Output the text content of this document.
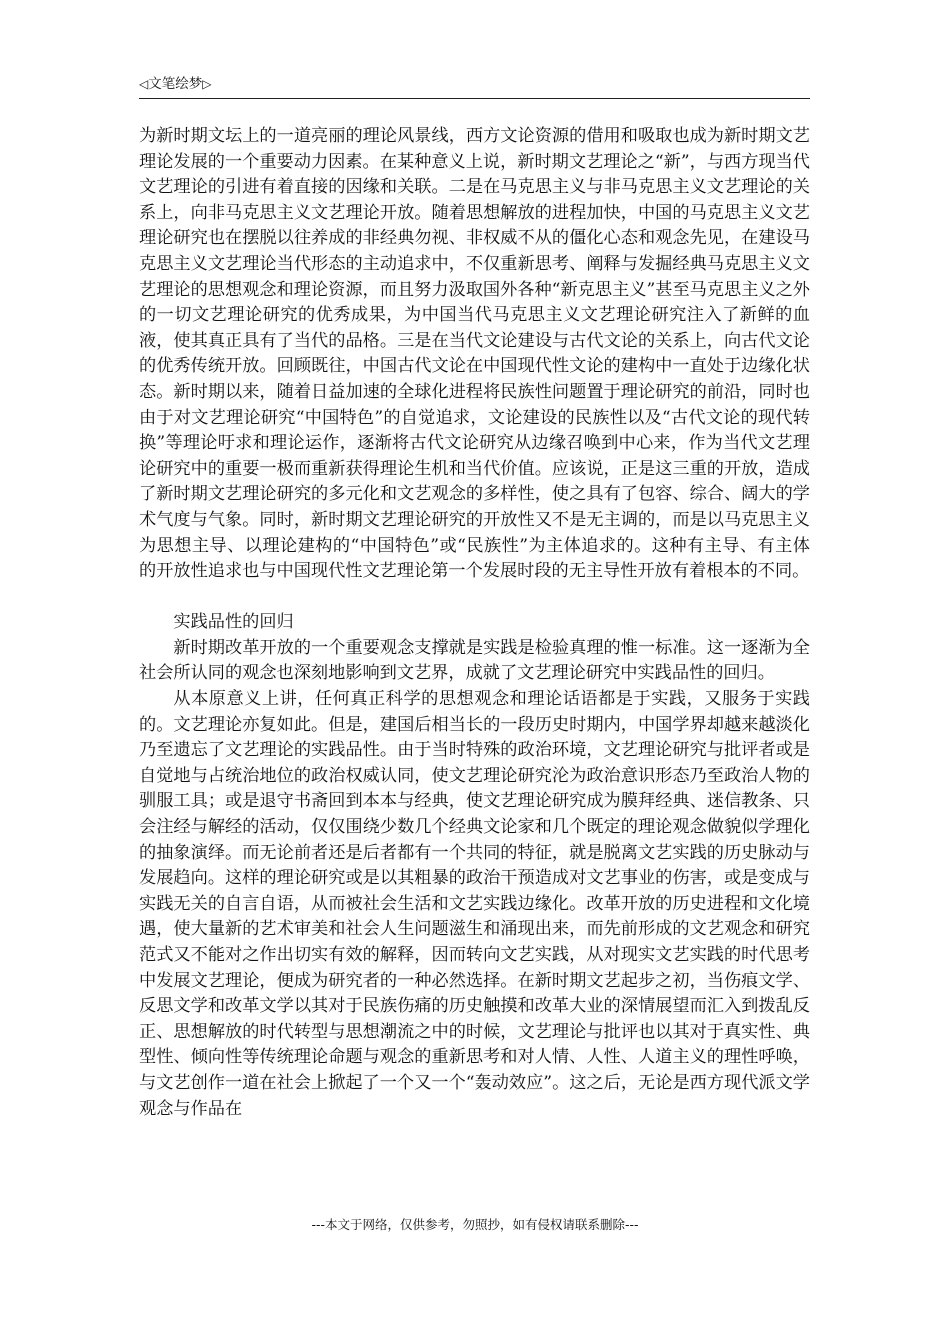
◁文笔绘梦▷

为新时期文坛上的一道亮丽的理论风景线，西方文论资源的借用和吸取也成为新时期文艺理论发展的一个重要动力因素。在某种意义上说，新时期文艺理论之“新”，与西方现当代文艺理论的引进有着直接的因缘和关联。二是在马克思主义与非马克思主义文艺理论的关系上，向非马克思主义文艺理论开放。随着思想解放的进程加快，中国的马克思主义文艺理论研究也在摆脱以往养成的非经典勿视、非权威不从的僵化心态和观念先见，在建设马克思主义文艺理论当代形态的主动追求中，不仅重新思考、阐释与发掘经典马克思主义文艺理论的思想观念和理论资源，而且努力汲取国外各种“新克思主义”甚至马克思主义之外的一切文艺理论研究的优秀成果，为中国当代马克思主义文艺理论研究注入了新鲜的血液，使其真正具有了当代的品格。三是在当代文论建设与古代文论的关系上，向古代文论的优秀传统开放。回顾既往，中国古代文论在中国现代性文论的建构中一直处于边缘化状态。新时期以来，随着日益加速的全球化进程将民族性问题置于理论研究的前沿，同时也由于对文艺理论研究“中国特色”的自觉追求，文论建设的民族性以及“古代文论的现代转换”等理论吁求和理论运作，逐渐将古代文论研究从边缘召唤到中心来，作为当代文艺理论研究中的重要一极而重新获得理论生机和当代价值。应该说，正是这三重的开放，造成了新时期文艺理论研究的多元化和文艺观念的多样性，使之具有了包容、综合、阔大的学术气度与气象。同时，新时期文艺理论研究的开放性又不是无主调的，而是以马克思主义为思想主导、以理论建构的“中国特色”或“民族性”为主体追求的。这种有主导、有主体的开放性追求也与中国现代性文艺理论第一个发展时段的无主导性开放有着根本的不同。

实践品性的回归

新时期改革开放的一个重要观念支撑就是实践是检验真理的惟一标准。这一逐渐为全社会所认同的观念也深刻地影响到文艺界，成就了文艺理论研究中实践品性的回归。

从本原意义上讲，任何真正科学的思想观念和理论话语都是于实践，又服务于实践的。文艺理论亦复如此。但是，建国后相当长的一段历史时期内，中国学界却越来越淡化乃至遗忘了文艺理论的实践品性。由于当时特殊的政治环境，文艺理论研究与批评者或是自觉地与占统治地位的政治权威认同，使文艺理论研究沦为政治意识形态乃至政治人物的驯服工具；或是退守书斋回到本本与经典，使文艺理论研究成为膜拜经典、迷信教条、只会注经与解经的活动，仅仅围绕少数几个经典文论家和几个既定的理论观念做貌似学理化的抽象演绎。而无论前者还是后者都有一个共同的特征，就是脱离文艺实践的历史脉动与发展趋向。这样的理论研究或是以其粗暴的政治干预造成对文艺事业的伤害，或是变成与实践无关的自言自语，从而被社会生活和文艺实践边缘化。改革开放的历史进程和文化境遇，使大量新的艺术审美和社会人生问题滋生和涌现出来，而先前形成的文艺观念和研究范式又不能对之作出切实有效的解释，因而转向文艺实践，从对现实文艺实践的时代思考中发展文艺理论，便成为研究者的一种必然选择。在新时期文艺起步之初，当伤痕文学、反思文学和改革文学以其对于民族伤痛的历史触摸和改革大业的深情展望而汇入到拨乱反正、思想解放的时代转型与思想潮流之中的时候，文艺理论与批评也以其对于真实性、典型性、倾向性等传统理论命题与观念的重新思考和对人情、人性、人道主义的理性呼唤，与文艺创作一道在社会上掀起了一个又一个“轰动效应”。这之后，无论是西方现代派文学观念与作品在

---本文于网络，仅供参考，勿照抄，如有侵权请联系删除---
